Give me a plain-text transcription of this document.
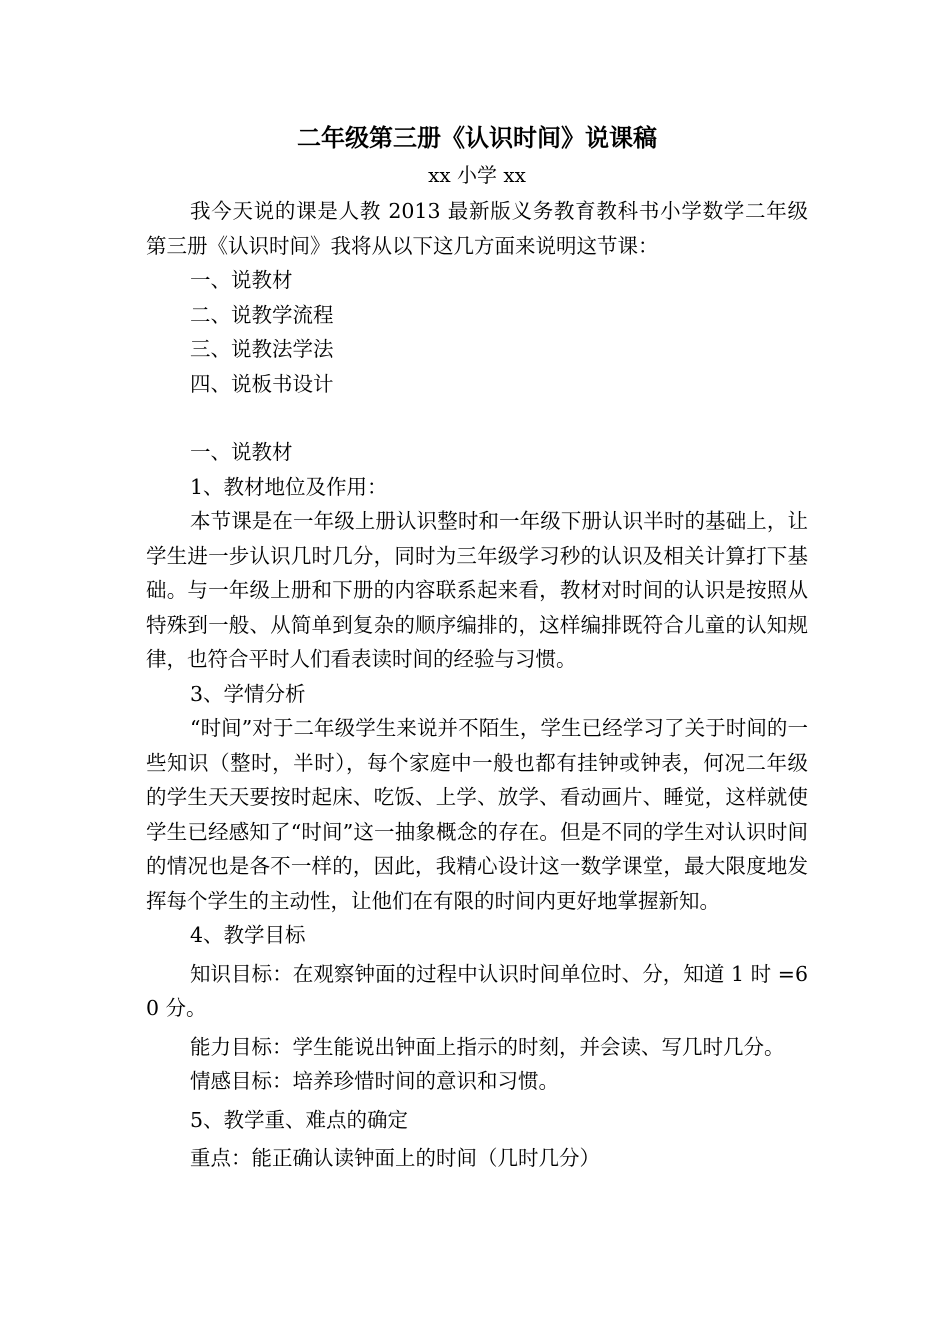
二年级第三册《认识时间》说课稿

xx 小学 xx

我今天说的课是人教 2013 最新版义务教育教科书小学数学二年级第三册《认识时间》我将从以下这几方面来说明这节课：

一、说教材

二、说教学流程

三、说教法学法

四、说板书设计

一、说教材

1、教材地位及作用：

本节课是在一年级上册认识整时和一年级下册认识半时的基础上，让学生进一步认识几时几分，同时为三年级学习秒的认识及相关计算打下基础。与一年级上册和下册的内容联系起来看，教材对时间的认识是按照从特殊到一般、从简单到复杂的顺序编排的，这样编排既符合儿童的认知规律，也符合平时人们看表读时间的经验与习惯。

3、学情分析

“时间”对于二年级学生来说并不陌生，学生已经学习了关于时间的一些知识（整时，半时），每个家庭中一般也都有挂钟或钟表，何况二年级的学生天天要按时起床、吃饭、上学、放学、看动画片、睡觉，这样就使学生已经感知了“时间”这一抽象概念的存在。但是不同的学生对认识时间的情况也是各不一样的，因此，我精心设计这一数学课堂，最大限度地发挥每个学生的主动性，让他们在有限的时间内更好地掌握新知。

4、教学目标

知识目标：在观察钟面的过程中认识时间单位时、分，知道 1 时 =60 分。

能力目标：学生能说出钟面上指示的时刻，并会读、写几时几分。

情感目标：培养珍惜时间的意识和习惯。

5、教学重、难点的确定

重点：能正确认读钟面上的时间（几时几分）
